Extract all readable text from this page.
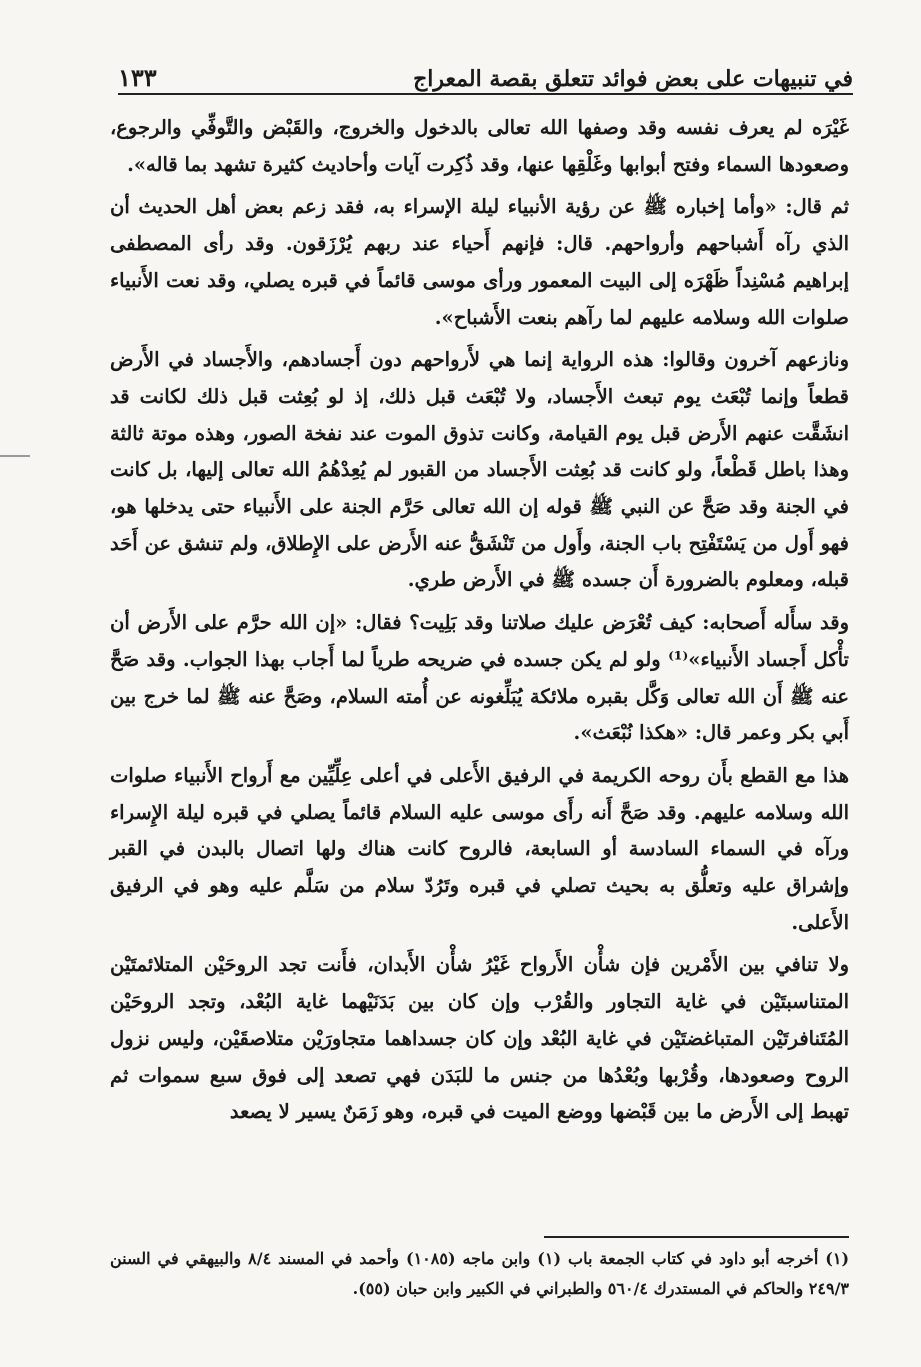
في تنبيهات على بعض فوائد تتعلق بقصة المعراج
١٣٣

غَيْرَه لم يعرف نفسه وقد وصفها الله تعالى بالدخول والخروج، والقَبْض والتَّوفِّي والرجوع، وصعودها السماء وفتح أبوابها وغَلْقِها عنها، وقد ذُكِرت آيات وأحاديث كثيرة تشهد بما قاله».

ثم قال: «وأما إخباره ﷺ عن رؤية الأنبياء ليلة الإسراء به، فقد زعم بعض أهل الحديث أن الذي رآه أَشباحهم وأرواحهم. قال: فإنهم أَحياء عند ربهم يُرْزَقون. وقد رأى المصطفى إبراهيم مُسْنِداً ظَهْرَه إلى البيت المعمور ورأى موسى قائماً في قبره يصلي، وقد نعت الأَنبياء صلوات الله وسلامه عليهم لما رآهم بنعت الأَشباح».

ونازعهم آخرون وقالوا: هذه الرواية إنما هي لأَرواحهم دون أَجسادهم، والأَجساد في الأَرض قطعاً وإنما تُبْعَث يوم تبعث الأَجساد، ولا تُبْعَث قبل ذلك، إذ لو بُعِثت قبل ذلك لكانت قد انشَقَّت عنهم الأَرض قبل يوم القيامة، وكانت تذوق الموت عند نفخة الصور، وهذه موتة ثالثة وهذا باطل قَطْعاً، ولو كانت قد بُعِثت الأَجساد من القبور لم يُعِدْهُمُ الله تعالى إليها، بل كانت في الجنة وقد صَحَّ عن النبي ﷺ قوله إن الله تعالى حَرَّم الجنة على الأَنبياء حتى يدخلها هو، فهو أَول من يَسْتَفْتِح باب الجنة، وأَول من تَنْشَقُّ عنه الأَرض على الإِطلاق، ولم تنشق عن أَحَد قبله، ومعلوم بالضرورة أَن جسده ﷺ في الأَرض طري.

وقد سأَله أَصحابه: كيف تُعْرَض عليك صلاتنا وقد بَلِيت؟ فقال: «إن الله حرَّم على الأَرض أن تأْكل أَجساد الأَنبياء»⁽¹⁾ ولو لم يكن جسده في ضريحه طرياً لما أَجاب بهذا الجواب. وقد صَحَّ عنه ﷺ أَن الله تعالى وَكَّل بقبره ملائكة يُبَلِّغونه عن أُمته السلام، وصَحَّ عنه ﷺ لما خرج بين أَبي بكر وعمر قال: «هكذا نُبْعَث».

هذا مع القطع بأَن روحه الكريمة في الرفيق الأَعلى في أعلى عِلِّيِّين مع أَرواح الأَنبياء صلوات الله وسلامه عليهم. وقد صَحَّ أَنه رأَى موسى عليه السلام قائماً يصلي في قبره ليلة الإِسراء ورآه في السماء السادسة أو السابعة، فالروح كانت هناك ولها اتصال بالبدن في القبر وإشراق عليه وتعلُّق به بحيث تصلي في قبره وتَرُدّ سلام من سَلَّم عليه وهو في الرفيق الأَعلى.

ولا تنافي بين الأَمْرين فإن شأْن الأَرواح غَيْرُ شأْن الأَبدان، فأَنت تجد الروحَيْن المتلائمتَيْن المتناسبتَيْن في غاية التجاور والقُرْب وإن كان بين بَدَنَيْهما غاية البُعْد، وتجد الروحَيْن المُتَنافرتَيْن المتباغضتَيْن في غاية البُعْد وإن كان جسداهما متجاورَيْن متلاصقَيْن، وليس نزول الروح وصعودها، وقُرْبها وبُعْدُها من جنس ما للبَدَن فهي تصعد إلى فوق سبع سموات ثم تهبط إلى الأَرض ما بين قَبْضها ووضع الميت في قبره، وهو زَمَنٌ يسير لا يصعد

(١) أخرجه أبو داود في كتاب الجمعة باب (١) وابن ماجه (١٠٨٥) وأحمد في المسند ٨/٤ والبيهقي في السنن ٢٤٩/٣ والحاكم في المستدرك ٥٦٠/٤ والطبراني في الكبير وابن حبان (٥٥).
